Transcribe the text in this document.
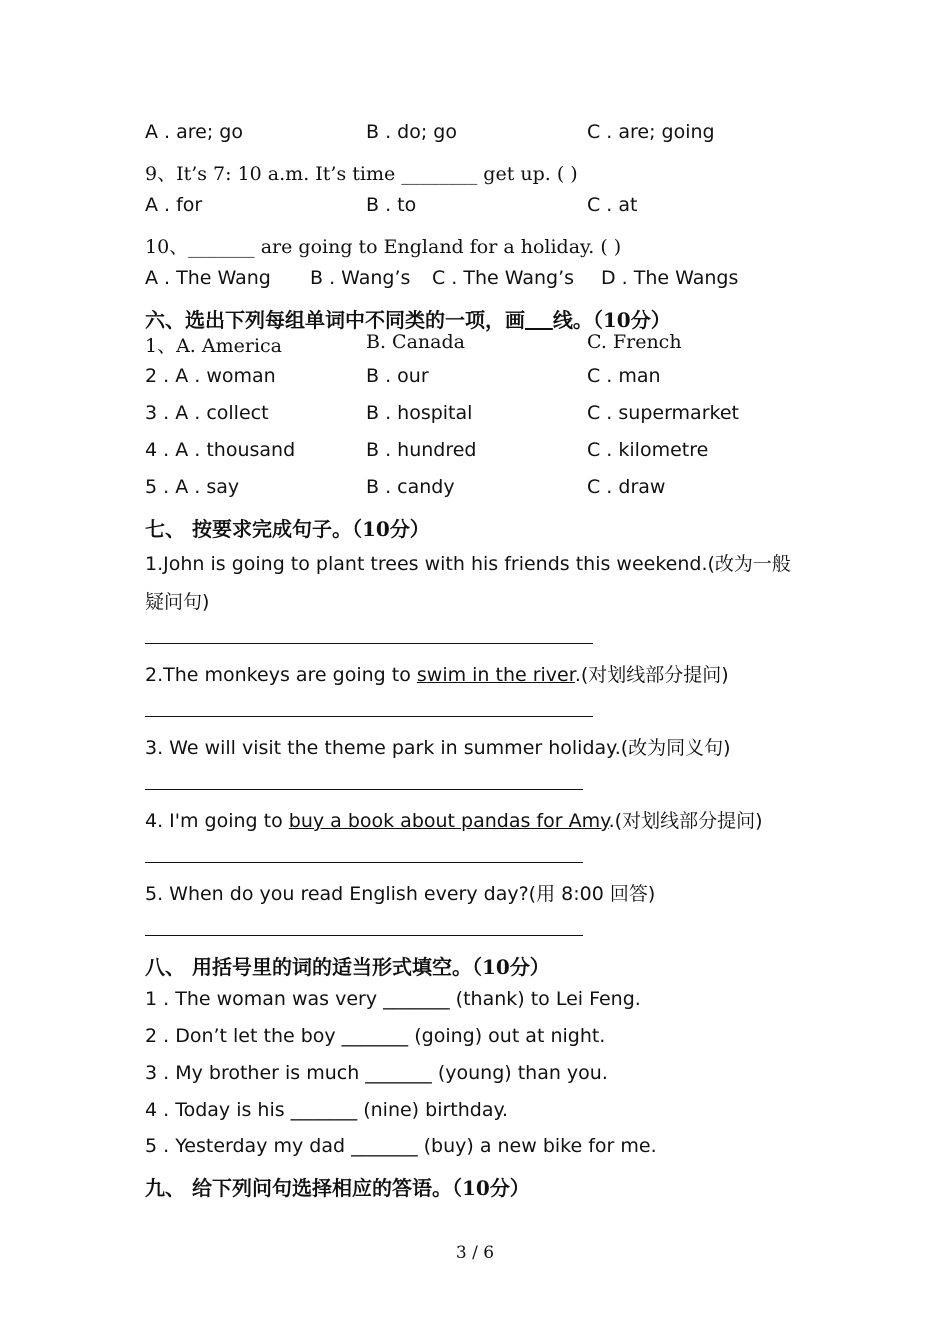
A . are; go	B . do; go	C . are; going
9、It’s 7: 10 a.m. It’s time ________ get up. ( )
A . for	B . to	C . at
10、_______ are going to England for a holiday. ( )
A . The Wang B . Wang’s C . The Wang’s D . The Wangs
六、选出下列每组单词中不同类的一项，画 线。（10分）
1、A. America	B. Canada	C. French
2 . A . woman	B . our	C . man
3 . A . collect	B . hospital	C . supermarket
4 . A . thousand	B . hundred	C . kilometre
5 . A . say	B . candy	C . draw
七、 按要求完成句子。（10分）
1.John is going to plant trees with his friends this weekend.(改为一般
疑问句)
2.The monkeys are going to swim in the river.(对划线部分提问)
3. We will visit the theme park in summer holiday.(改为同义句)
4. I'm going to buy a book about pandas for Amy.(对划线部分提问)
5. When do you read English every day?(用 8:00 回答)
八、 用括号里的词的适当形式填空。（10分）
1 . The woman was very _______ (thank) to Lei Feng.
2 . Don’t let the boy _______ (going) out at night.
3 . My brother is much _______ (young) than you.
4 . Today is his _______ (nine) birthday.
5 . Yesterday my dad _______ (buy) a new bike for me.
九、 给下列问句选择相应的答语。（10分）
3 / 6
